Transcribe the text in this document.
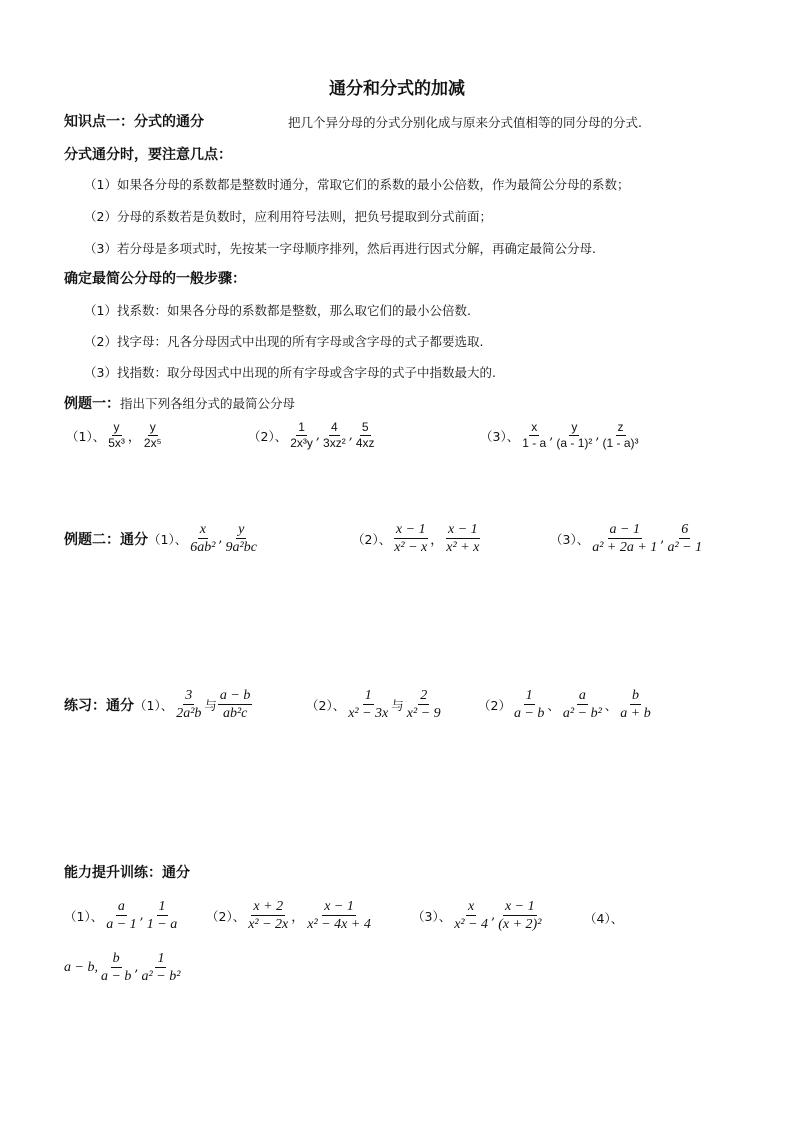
通分和分式的加减
知识点一：分式的通分	把几个异分母的分式分别化成与原来分式值相等的同分母的分式.
分式通分时，要注意几点：
（1）如果各分母的系数都是整数时通分，常取它们的系数的最小公倍数，作为最简公分母的系数；
（2）分母的系数若是负数时，应利用符号法则，把负号提取到分式前面；
（3）若分母是多项式时，先按某一字母顺序排列，然后再进行因式分解，再确定最简公分母.
确定最简公分母的一般步骤：
（1）找系数：如果各分母的系数都是整数，那么取它们的最小公倍数.
（2）找字母：凡各分母因式中出现的所有字母或含字母的式子都要选取.
（3）找指数：取分母因式中出现的所有字母或含字母的式子中指数最大的.
例题一：指出下列各组分式的最简公分母
（1）、 $\frac{y}{\text{5x³}}$ ， $\frac{y}{\text{2x⁵}}$	（2）、 $\frac{1}{\text{2x³y}}$ , $\frac{4}{\text{3xz²}}$ , $\frac{5}{4xz}$	（3）、 $\frac{x}{1 - a}$ , $\frac{y}{\text{(a - 1)²}}$ , $\frac{z}{\text{(1 - a)³}}$
例题二：通分 （1）、 $\frac{x}{\text{6ab²}}$ , $\frac{y}{\text{9a²bc}}$	（2）、 $\frac{x - 1}{\text{x² − x}}$ ， $\frac{x - 1}{\text{x² + x}}$	（3）、 $\frac{a - 1}{\text{a² + 2a + 1}}$ , $\frac{6}{\text{a² − 1}}$
练习：通分 （1）、 $\frac{3}{\text{2a²b}}$ 与 $\frac{a - b}{\text{ab²c}}$	（2）、 $\frac{1}{\text{x² − 3x}}$ 与 $\frac{2}{\text{x² − 9}}$	$(2) \frac{1}{a - b}$ 、 $\frac{a}{\text{a² − b²}}$ 、 $\frac{b}{a + b}$
能力提升训练：通分
（1）、 $\frac{a}{a - 1}$ , $\frac{1}{1 - a} (2)$、 $\frac{x + 2}{\text{x² − 2x}}$ ， $\frac{x - 1}{\text{x² − 4x + 4}}$	（3）、 $\frac{x}{\text{x² − 4}}$ , $\frac{x - 1}{\text{(x + 2)²}}$	（4）、
a − b, $\frac{b}{a - b}$ , $\frac{1}{\text{a² − b²}}$
